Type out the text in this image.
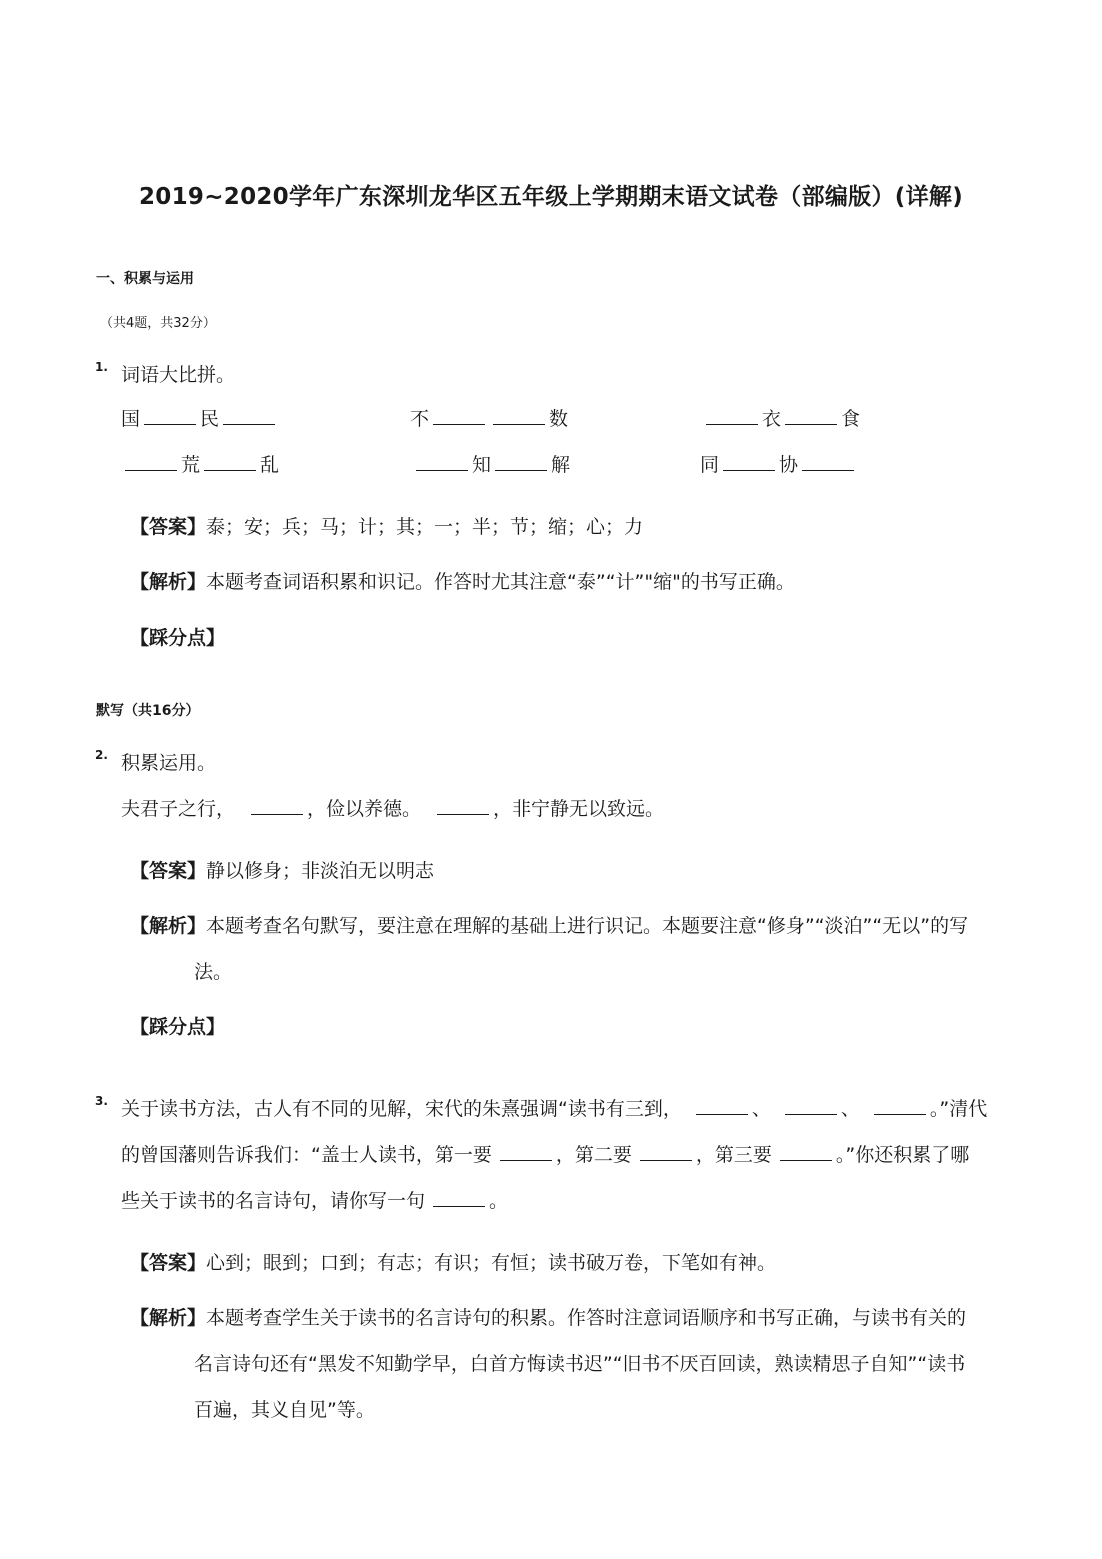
2019~2020学年广东深圳龙华区五年级上学期期末语文试卷（部编版）(详解)
一、积累与运用
（共4题，共32分）
1. 词语大比拼。
国	民	不	数	衣	食
荒	乱	知	解	同	协
【答案】泰；安；兵；马；计；其；一；半；节；缩；心；力
【解析】本题考查词语积累和识记。作答时尤其注意“泰”“计”"缩"的书写正确。
【踩分点】
默写（共16分）
2. 积累运用。
夫君子之行，	，俭以养德。	，非宁静无以致远。
【答案】静以修身；非淡泊无以明志
【解析】本题考查名句默写，要注意在理解的基础上进行识记。本题要注意“修身”“淡泊”“无以”的写
法。
【踩分点】
3. 关于读书方法，古人有不同的见解，宋代的朱熹强调“读书有三到，	、	、	。”清代
的曾国藩则告诉我们：“盖士人读书，第一要	，第二要	，第三要	。”你还积累了哪
些关于读书的名言诗句，请你写一句	。
【答案】心到；眼到；口到；有志；有识；有恒；读书破万卷，下笔如有神。
【解析】本题考查学生关于读书的名言诗句的积累。作答时注意词语顺序和书写正确，与读书有关的
名言诗句还有“黑发不知勤学早，白首方悔读书迟”“旧书不厌百回读，熟读精思子自知”“读书
百遍，其义自见”等。
